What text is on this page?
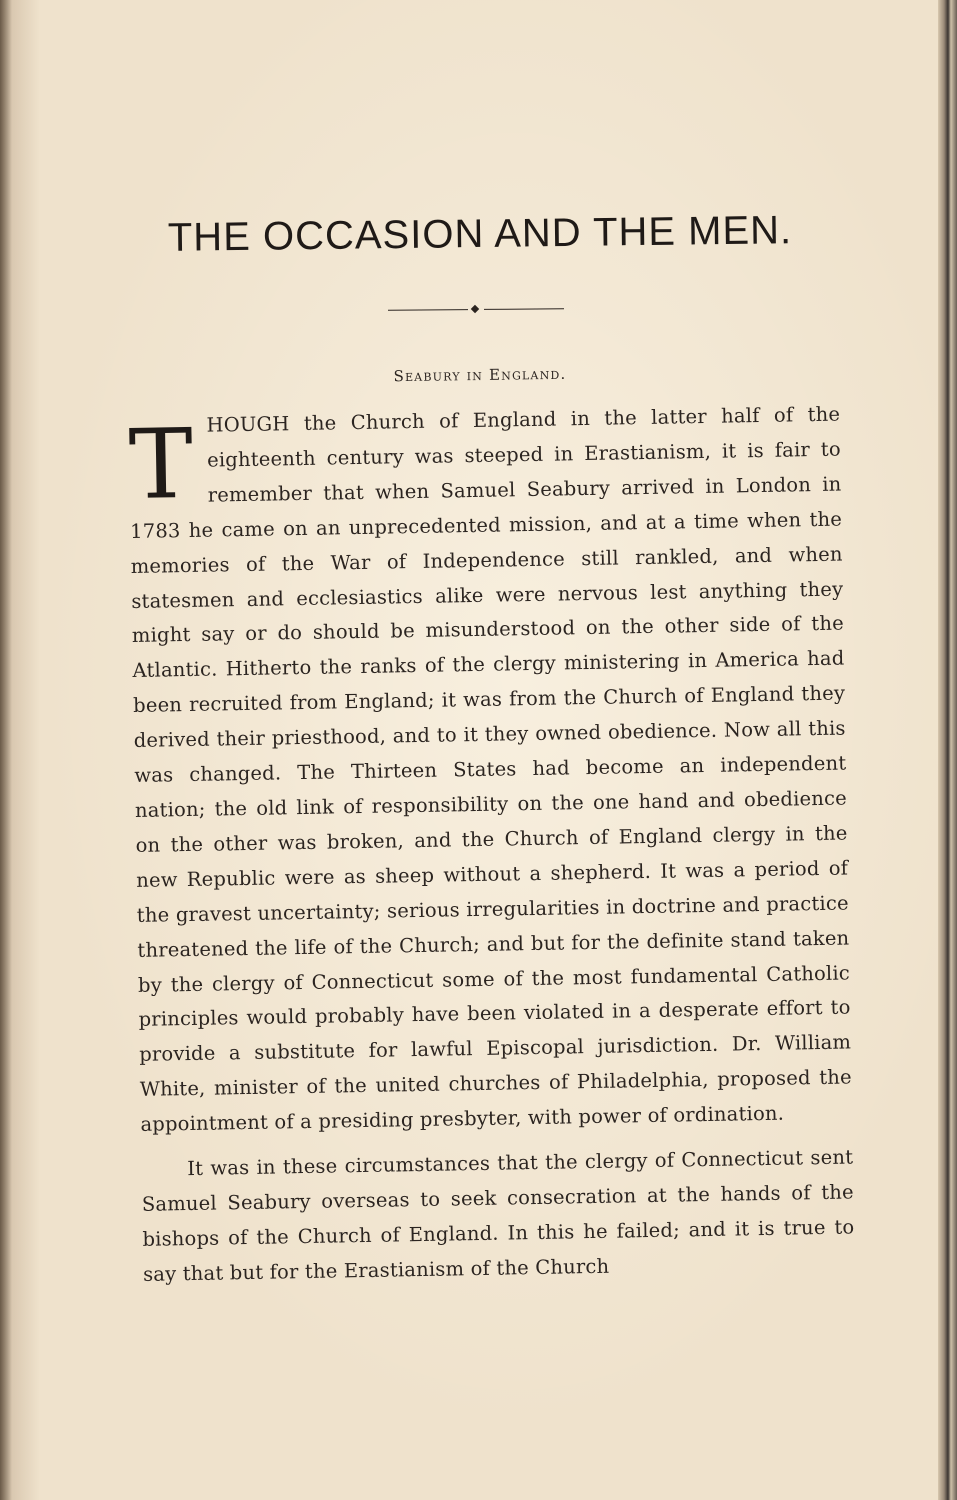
THE OCCASION AND THE MEN.
Seabury in England.

THOUGH the Church of England in the latter half of the eighteenth century was steeped in Erastianism, it is fair to remember that when Samuel Seabury arrived in London in 1783 he came on an unprecedented mission, and at a time when the memories of the War of Independence still rankled, and when statesmen and ecclesiastics alike were nervous lest anything they might say or do should be misunderstood on the other side of the Atlantic. Hitherto the ranks of the clergy ministering in America had been recruited from England; it was from the Church of England they derived their priesthood, and to it they owned obedience. Now all this was changed. The Thirteen States had become an independent nation; the old link of responsibility on the one hand and obedience on the other was broken, and the Church of England clergy in the new Republic were as sheep without a shepherd. It was a period of the gravest uncertainty; serious irregularities in doctrine and practice threatened the life of the Church; and but for the definite stand taken by the clergy of Connecticut some of the most fundamental Catholic principles would probably have been violated in a desperate effort to provide a substitute for lawful Episcopal jurisdiction. Dr. William White, minister of the united churches of Philadelphia, proposed the appointment of a presiding presbyter, with power of ordination.

It was in these circumstances that the clergy of Connecticut sent Samuel Seabury overseas to seek consecration at the hands of the bishops of the Church of England. In this he failed; and it is true to say that but for the Erastianism of the Church
